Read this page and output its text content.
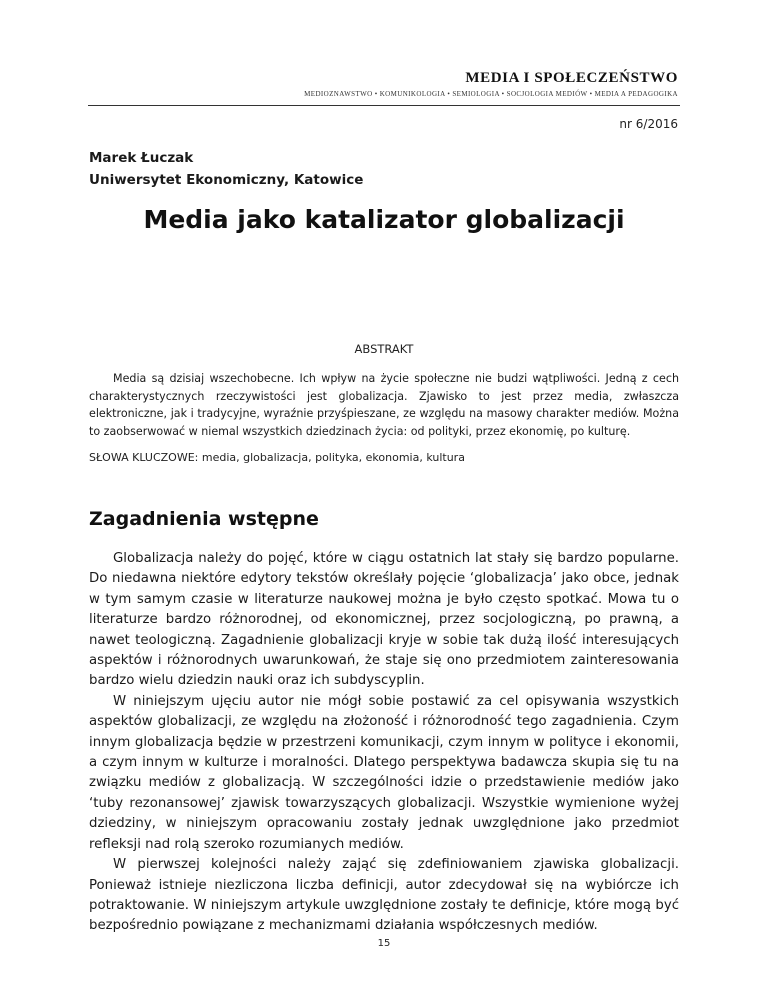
MEDIA I SPOŁECZEŃSTWO
MEDIOZNAWSTWO • KOMUNIKOLOGIA • SEMIOLOGIA • SOCJOLOGIA MEDIÓW • MEDIA A PEDAGOGIKA
nr 6/2016
Marek Łuczak
Uniwersytet Ekonomiczny, Katowice
Media jako katalizator globalizacji
ABSTRAKT

Media są dzisiaj wszechobecne. Ich wpływ na życie społeczne nie budzi wątpliwości. Jedną z cech charakterystycznych rzeczywistości jest globalizacja. Zjawisko to jest przez media, zwłaszcza elektroniczne, jak i tradycyjne, wyraźnie przyśpieszane, ze względu na masowy charakter mediów. Można to zaobserwować w niemal wszystkich dziedzinach życia: od polityki, przez ekonomię, po kulturę.

SŁOWA KLUCZOWE: media, globalizacja, polityka, ekonomia, kultura

Zagadnienia wstępne

Globalizacja należy do pojęć, które w ciągu ostatnich lat stały się bardzo popularne. Do niedawna niektóre edytory tekstów określały pojęcie ‘globalizacja’ jako obce, jednak w tym samym czasie w literaturze naukowej można je było często spotkać. Mowa tu o literaturze bardzo różnorodnej, od ekonomicznej, przez socjologiczną, po prawną, a nawet teologiczną. Zagadnienie globalizacji kryje w sobie tak dużą ilość interesujących aspektów i różnorodnych uwarunkowań, że staje się ono przedmiotem zainteresowania bardzo wielu dziedzin nauki oraz ich subdyscyplin.

W niniejszym ujęciu autor nie mógł sobie postawić za cel opisywania wszystkich aspektów globalizacji, ze względu na złożoność i różnorodność tego zagadnienia. Czym innym globalizacja będzie w przestrzeni komunikacji, czym innym w polityce i ekonomii, a czym innym w kulturze i moralności. Dlatego perspektywa badawcza skupia się tu na związku mediów z globalizacją. W szczególności idzie o przedstawienie mediów jako ‘tuby rezonansowej’ zjawisk towarzyszących globalizacji. Wszystkie wymienione wyżej dziedziny, w niniejszym opracowaniu zostały jednak uwzględnione jako przedmiot refleksji nad rolą szeroko rozumianych mediów.

W pierwszej kolejności należy zająć się zdefiniowaniem zjawiska globalizacji. Ponieważ istnieje niezliczona liczba definicji, autor zdecydował się na wybiórcze ich potraktowanie. W niniejszym artykule uwzględnione zostały te definicje, które mogą być bezpośrednio powiązane z mechanizmami działania współczesnych mediów.

15
